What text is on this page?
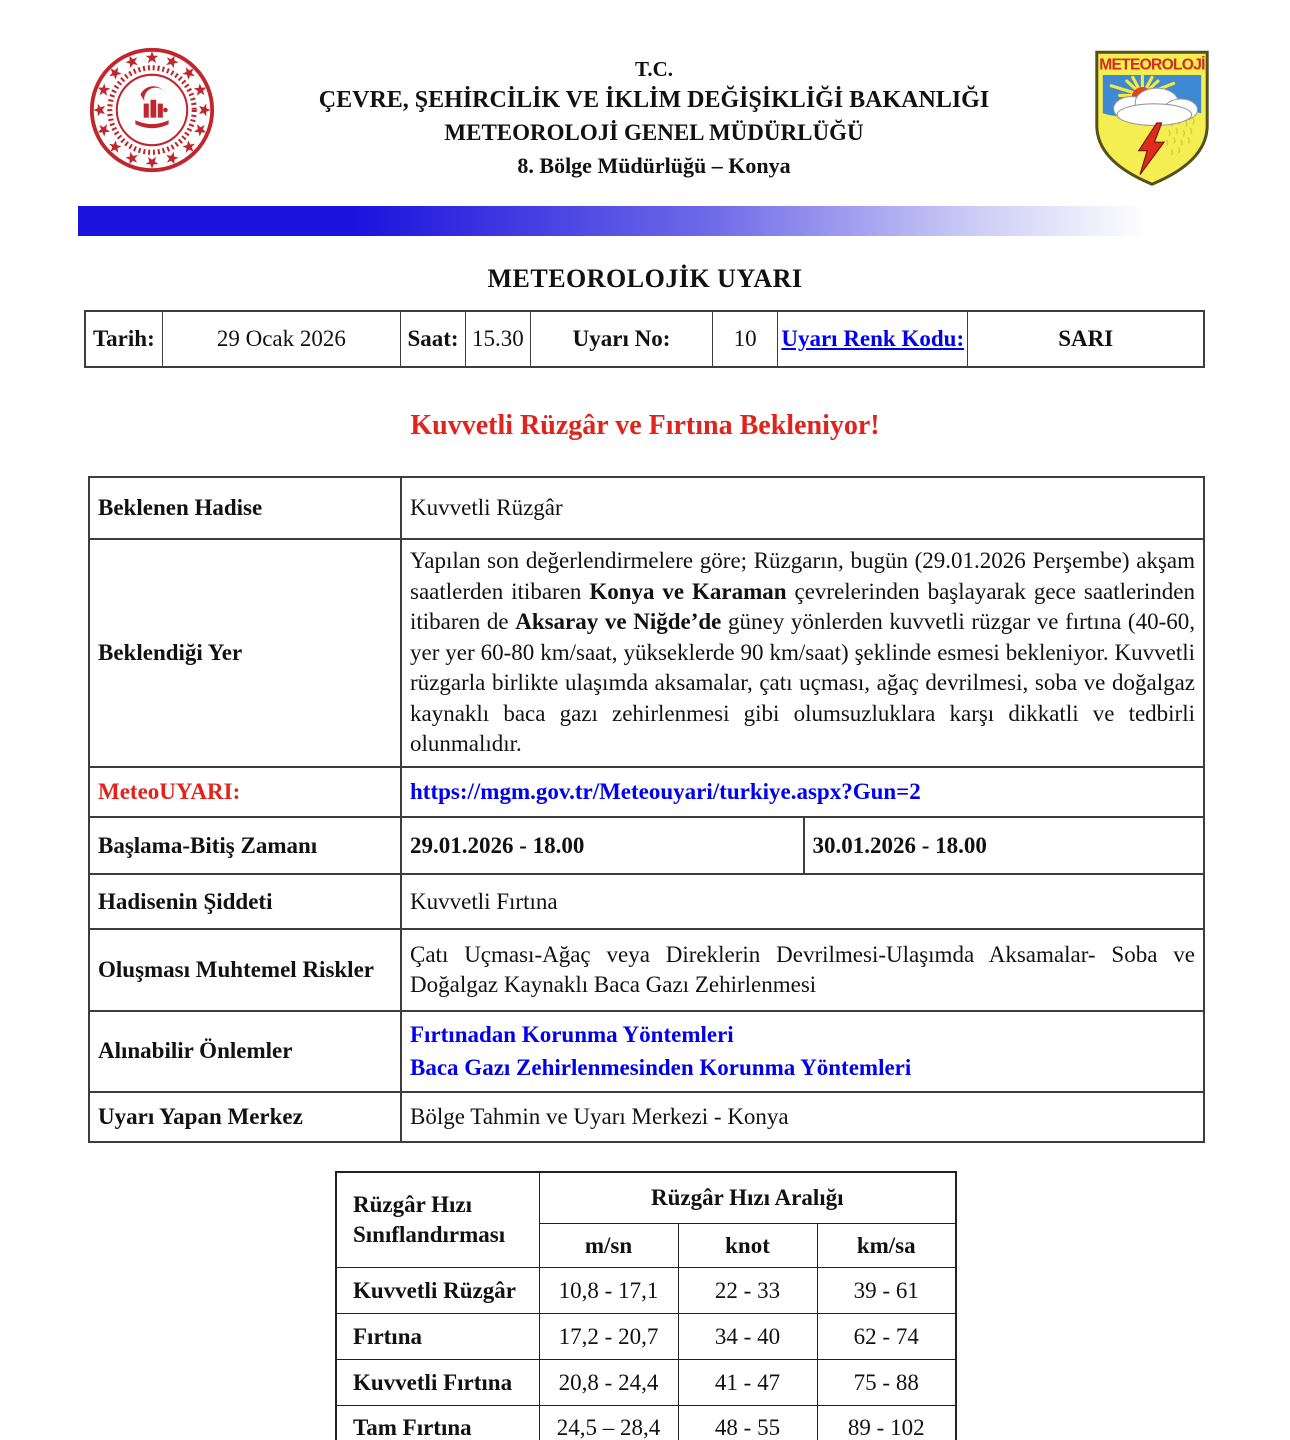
T.C.
ÇEVRE, ŞEHİRCİLİK VE İKLİM DEĞİŞİKLİĞİ BAKANLIĞI
METEOROLOJİ GENEL MÜDÜRLÜĞÜ
8. Bölge Müdürlüğü – Konya
METEOROLOJİ
METEOROLOJİK UYARI
Tarih:	29 Ocak 2026	Saat:	15.30	Uyarı No:	10	Uyarı Renk Kodu:	SARI
Kuvvetli Rüzgâr ve Fırtına Bekleniyor!
Beklenen Hadise	Kuvvetli Rüzgâr
Beklendiği Yer	Yapılan son değerlendirmelere göre; Rüzgarın, bugün (29.01.2026 Perşembe) akşam saatlerden itibaren Konya ve Karaman çevrelerinden başlayarak gece saatlerinden itibaren de Aksaray ve Niğde’de güney yönlerden kuvvetli rüzgar ve fırtına (40-60, yer yer 60-80 km/saat, yükseklerde 90 km/saat) şeklinde esmesi bekleniyor. Kuvvetli rüzgarla birlikte ulaşımda aksamalar, çatı uçması, ağaç devrilmesi, soba ve doğalgaz kaynaklı baca gazı zehirlenmesi gibi olumsuzluklara karşı dikkatli ve tedbirli olunmalıdır.
MeteoUYARI:	https://mgm.gov.tr/Meteouyari/turkiye.aspx?Gun=2
Başlama-Bitiş Zamanı	29.01.2026 - 18.00 30.01.2026 - 18.00

Hadisenin Şiddeti	Kuvvetli Fırtına
Oluşması Muhtemel Riskler	Çatı Uçması-Ağaç veya Direklerin Devrilmesi-Ulaşımda Aksamalar- Soba ve Doğalgaz Kaynaklı Baca Gazı Zehirlenmesi
Alınabilir Önlemler	Fırtınadan Korunma Yöntemleri
Baca Gazı Zehirlenmesinden Korunma Yöntemleri

Uyarı Yapan Merkez	Bölge Tahmin ve Uyarı Merkezi - Konya
Rüzgâr Hızı Sınıflandırması	Rüzgâr Hızı Aralığı		
	m/sn	knot	km/sa
Kuvvetli Rüzgâr	10,8 - 17,1	22 - 33	39 - 61
Fırtına	17,2 - 20,7	34 - 40	62 - 74
Kuvvetli Fırtına	20,8 - 24,4	41 - 47	75 - 88
Tam Fırtına	24,5 – 28,4	48 - 55	89 - 102
